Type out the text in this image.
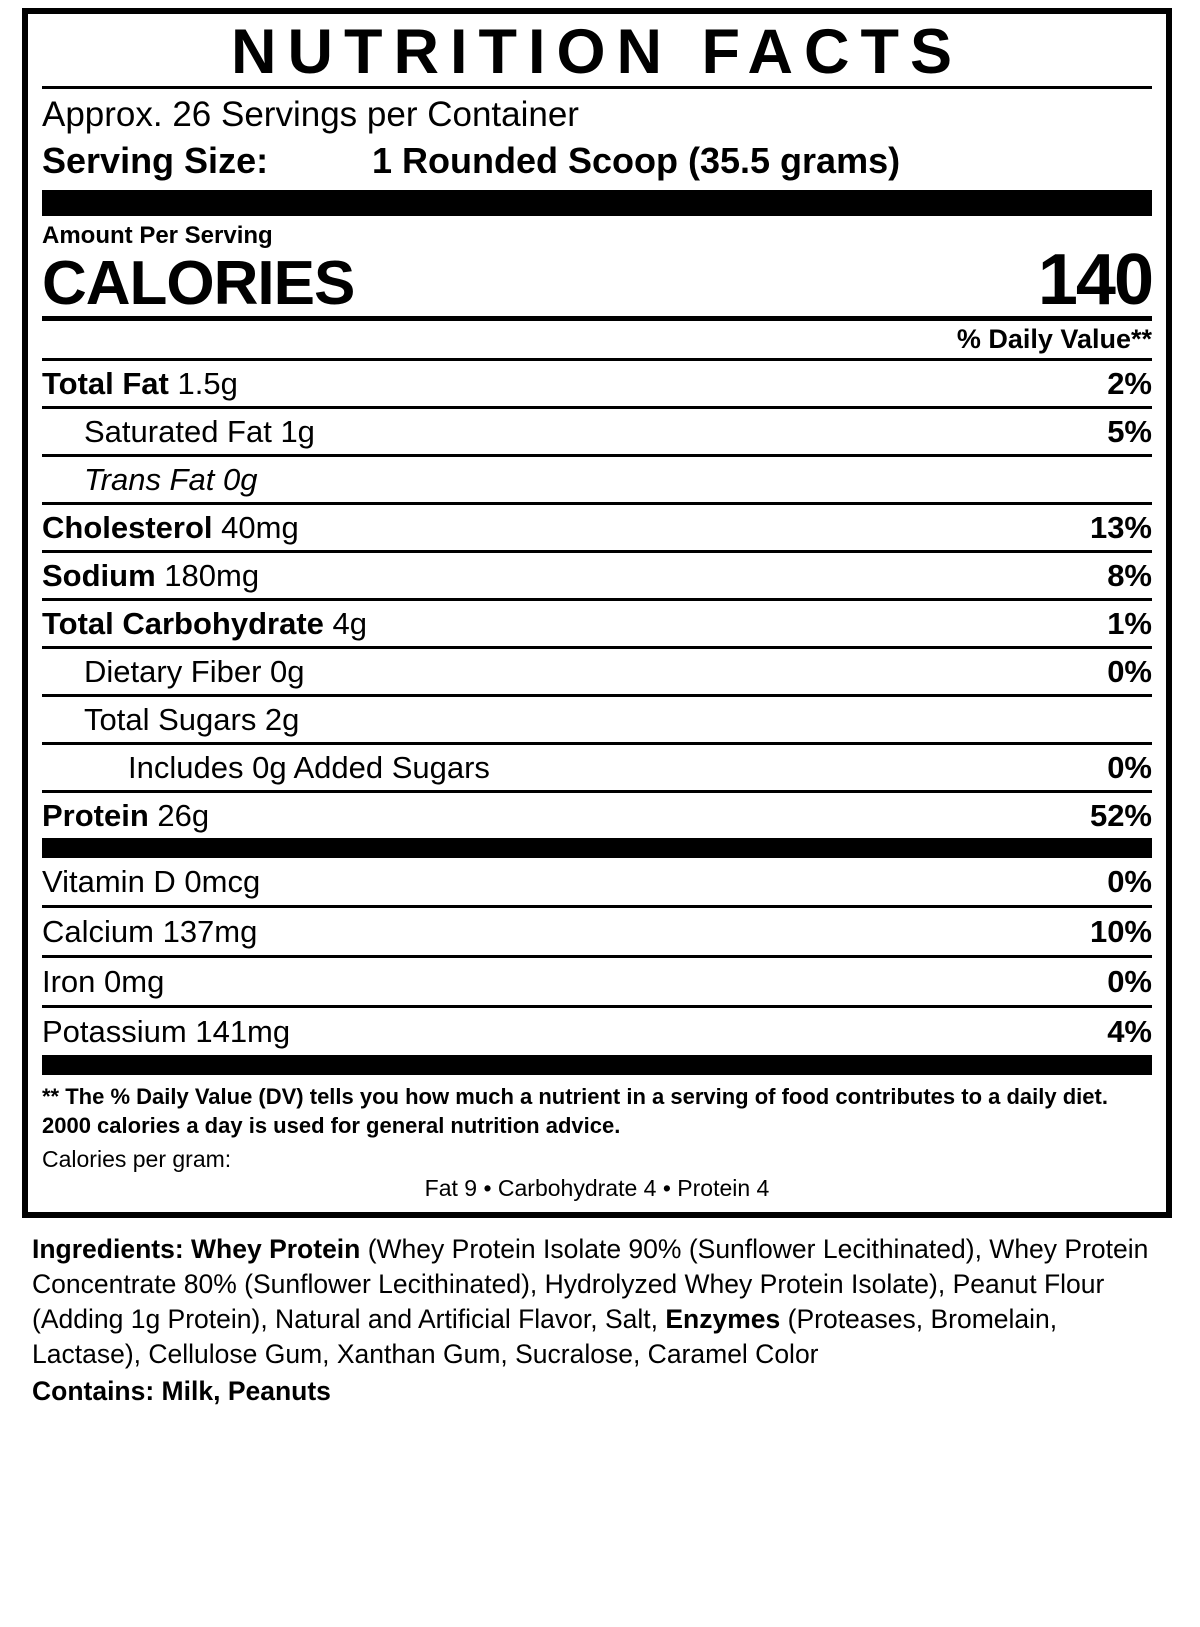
NUTRITION FACTS
Approx. 26 Servings per Container
Serving Size:	1 Rounded Scoop (35.5 grams)
Amount Per Serving
CALORIES	140
% Daily Value**
Total Fat 1.5g	2%
Saturated Fat 1g	5%
Trans Fat 0g
Cholesterol 40mg	13%
Sodium 180mg	8%
Total Carbohydrate 4g	1%
Dietary Fiber 0g	0%
Total Sugars 2g
Includes 0g Added Sugars	0%
Protein 26g	52%
Vitamin D 0mcg	0%
Calcium 137mg	10%
Iron 0mg	0%
Potassium 141mg	4%
** The % Daily Value (DV) tells you how much a nutrient in a serving of food contributes to a daily diet. 2000 calories a day is used for general nutrition advice.
Calories per gram:
Fat 9 • Carbohydrate 4 • Protein 4
Ingredients: Whey Protein (Whey Protein Isolate 90% (Sunflower Lecithinated), Whey Protein Concentrate 80% (Sunflower Lecithinated), Hydrolyzed Whey Protein Isolate), Peanut Flour (Adding 1g Protein), Natural and Artificial Flavor, Salt, Enzymes (Proteases, Bromelain, Lactase), Cellulose Gum, Xanthan Gum, Sucralose, Caramel Color
Contains: Milk, Peanuts
